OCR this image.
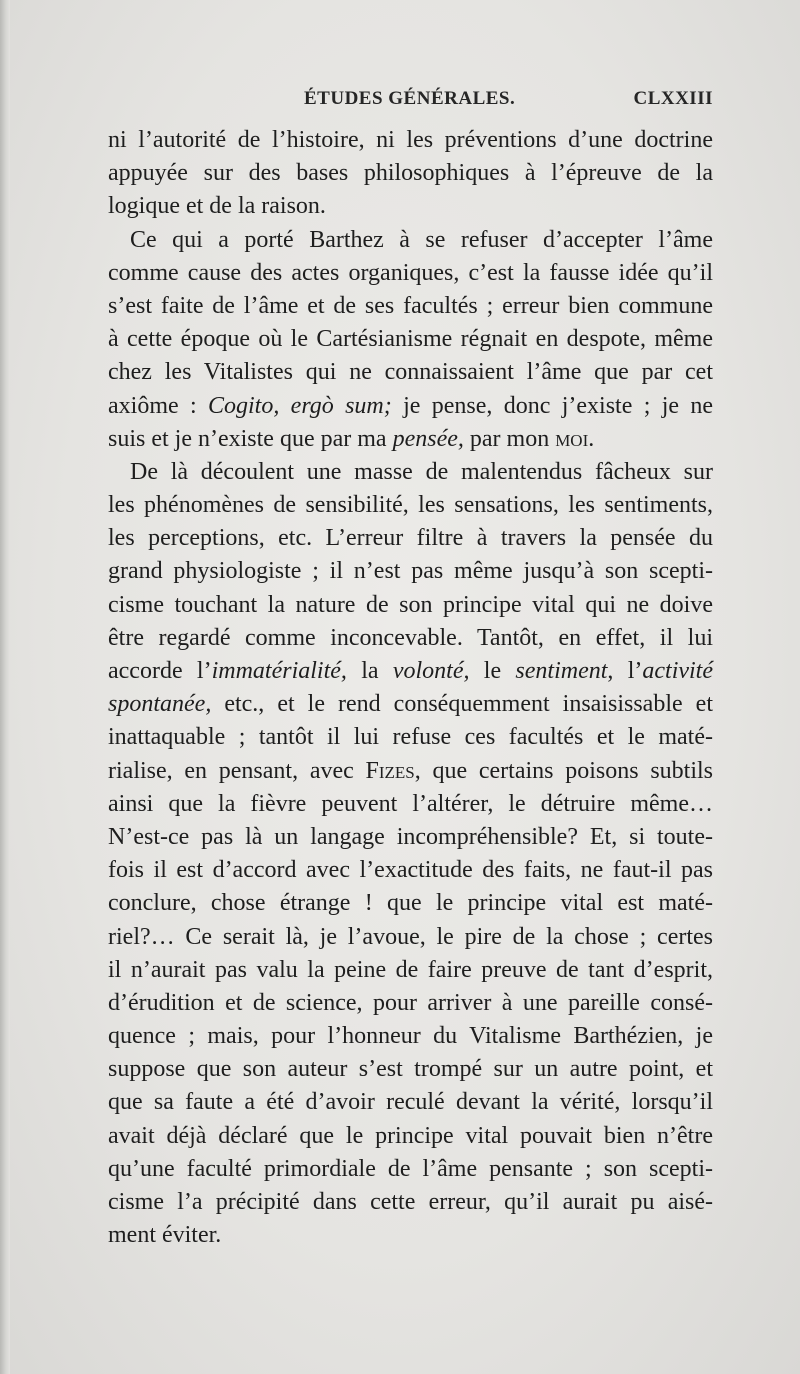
ÉTUDES GÉNÉRALES.	CLXXIII
ni l’autorité de l’histoire, ni les préventions d’une doctrine
appuyée sur des bases philosophiques à l’épreuve de la
logique et de la raison.
Ce qui a porté Barthez à se refuser d’accepter l’âme
comme cause des actes organiques, c’est la fausse idée qu’il
s’est faite de l’âme et de ses facultés ; erreur bien commune
à cette époque où le Cartésianisme régnait en despote, même
chez les Vitalistes qui ne connaissaient l’âme que par cet
axiôme : Cogito, ergò sum; je pense, donc j’existe ; je ne
suis et je n’existe que par ma pensée, par mon moi.
De là découlent une masse de malentendus fâcheux sur
les phénomènes de sensibilité, les sensations, les sentiments,
les perceptions, etc. L’erreur filtre à travers la pensée du
grand physiologiste ; il n’est pas même jusqu’à son scepti-
cisme touchant la nature de son principe vital qui ne doive
être regardé comme inconcevable. Tantôt, en effet, il lui
accorde l’immatérialité, la volonté, le sentiment, l’activité
spontanée, etc., et le rend conséquemment insaisissable et
inattaquable ; tantôt il lui refuse ces facultés et le maté-
rialise, en pensant, avec Fizes, que certains poisons subtils
ainsi que la fièvre peuvent l’altérer, le détruire même…
N’est-ce pas là un langage incompréhensible? Et, si toute-
fois il est d’accord avec l’exactitude des faits, ne faut-il pas
conclure, chose étrange ! que le principe vital est maté-
riel?… Ce serait là, je l’avoue, le pire de la chose ; certes
il n’aurait pas valu la peine de faire preuve de tant d’esprit,
d’érudition et de science, pour arriver à une pareille consé-
quence ; mais, pour l’honneur du Vitalisme Barthézien, je
suppose que son auteur s’est trompé sur un autre point, et
que sa faute a été d’avoir reculé devant la vérité, lorsqu’il
avait déjà déclaré que le principe vital pouvait bien n’être
qu’une faculté primordiale de l’âme pensante ; son scepti-
cisme l’a précipité dans cette erreur, qu’il aurait pu aisé-
ment éviter.
